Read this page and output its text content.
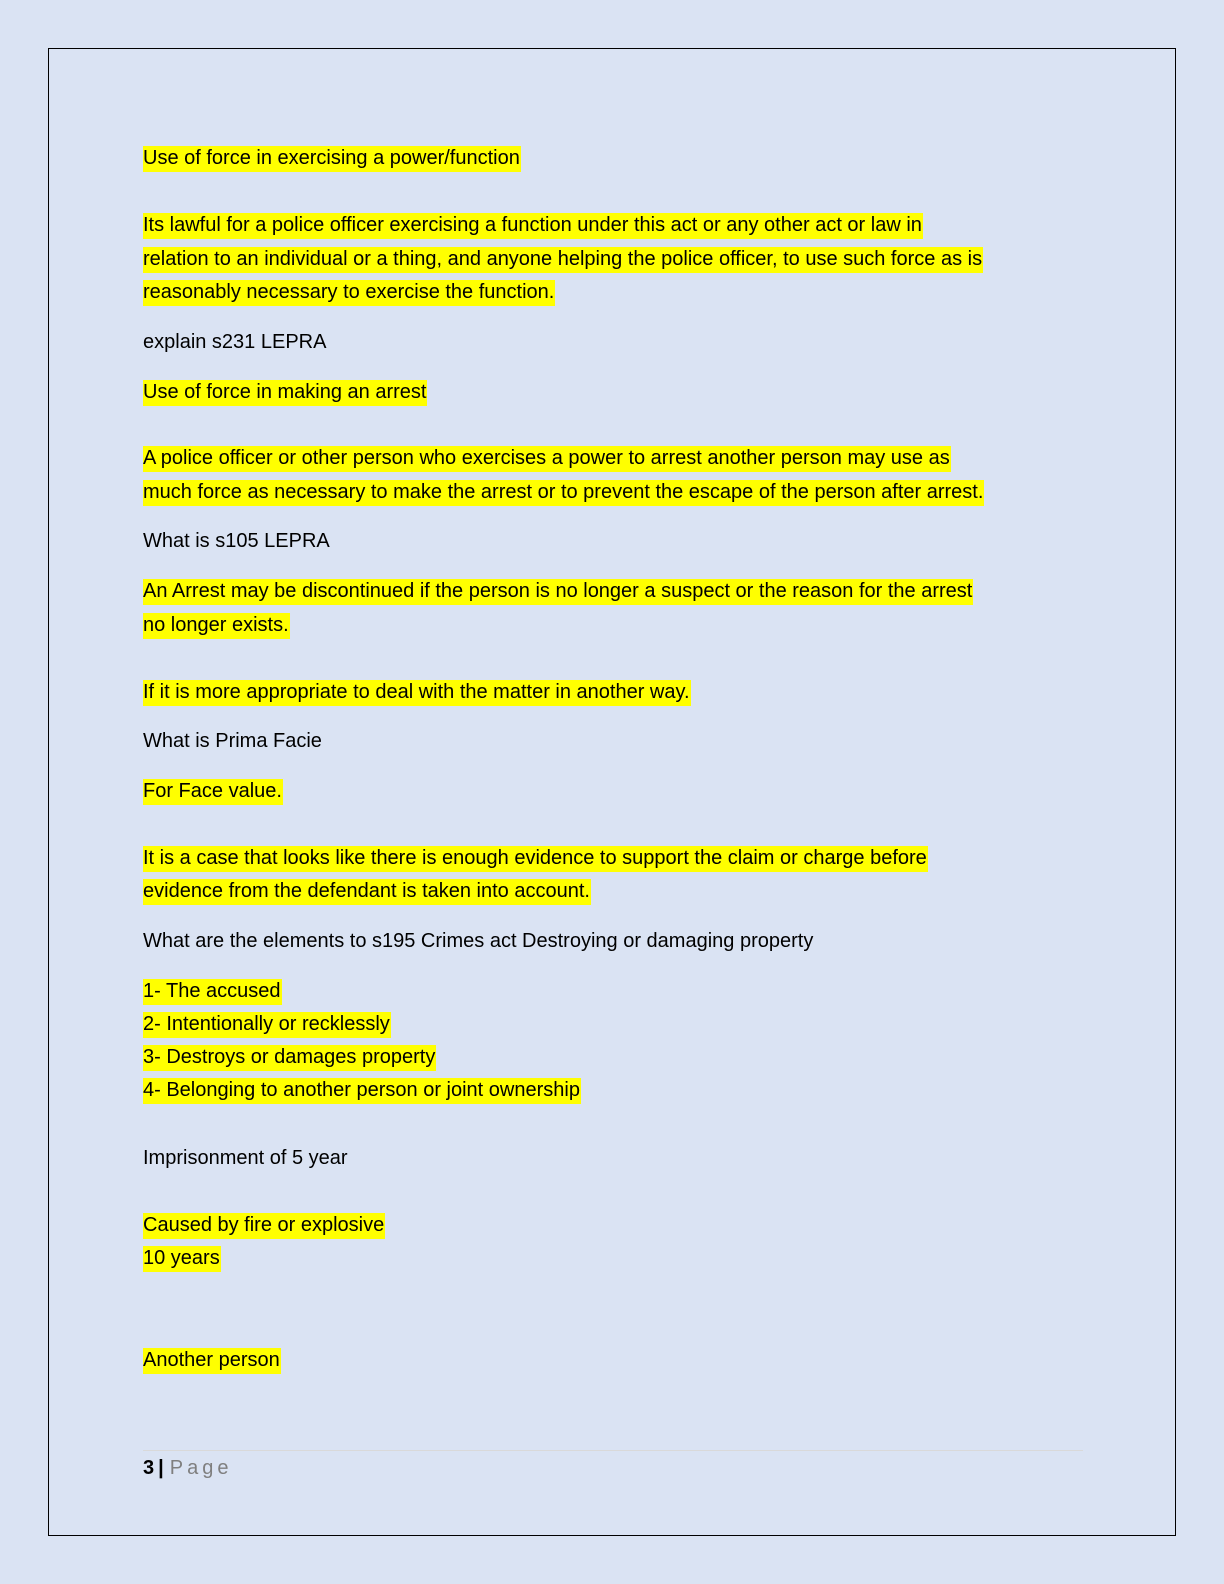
Use of force in exercising a power/function
Its lawful for a police officer exercising a function under this act or any other act or law in
relation to an individual or a thing, and anyone helping the police officer, to use such force as is
reasonably necessary to exercise the function.
explain s231 LEPRA
Use of force in making an arrest
A police officer or other person who exercises a power to arrest another person may use as
much force as necessary to make the arrest or to prevent the escape of the person after arrest.
What is s105 LEPRA
An Arrest may be discontinued if the person is no longer a suspect or the reason for the arrest
no longer exists.
If it is more appropriate to deal with the matter in another way.
What is Prima Facie
For Face value.
It is a case that looks like there is enough evidence to support the claim or charge before
evidence from the defendant is taken into account.
What are the elements to s195 Crimes act Destroying or damaging property
1- The accused
2- Intentionally or recklessly
3- Destroys or damages property
4- Belonging to another person or joint ownership
Imprisonment of 5 year
Caused by fire or explosive
10 years
Another person
3 | Page
